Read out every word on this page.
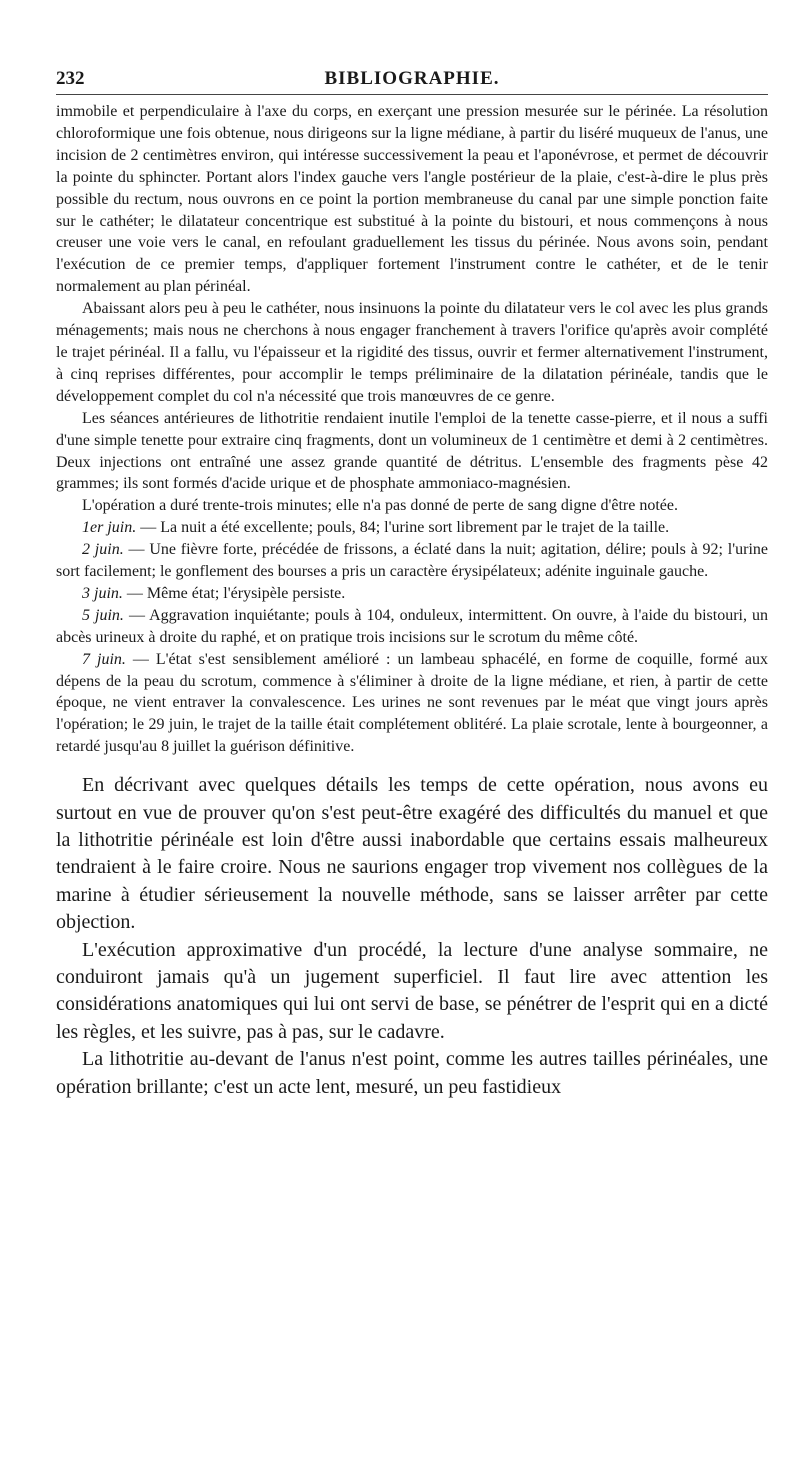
232	BIBLIOGRAPHIE.

immobile et perpendiculaire à l'axe du corps, en exerçant une pression mesurée sur le périnée. La résolution chloroformique une fois obtenue, nous dirigeons sur la ligne médiane, à partir du liséré muqueux de l'anus, une incision de 2 centimètres environ, qui intéresse successivement la peau et l'aponévrose, et permet de découvrir la pointe du sphincter. Portant alors l'index gauche vers l'angle postérieur de la plaie, c'est-à-dire le plus près possible du rectum, nous ouvrons en ce point la portion membraneuse du canal par une simple ponction faite sur le cathéter; le dilatateur concentrique est substitué à la pointe du bistouri, et nous commençons à nous creuser une voie vers le canal, en refoulant graduellement les tissus du périnée. Nous avons soin, pendant l'exécution de ce premier temps, d'appliquer fortement l'instrument contre le cathéter, et de le tenir normalement au plan périnéal.

Abaissant alors peu à peu le cathéter, nous insinuons la pointe du dilatateur vers le col avec les plus grands ménagements; mais nous ne cherchons à nous engager franchement à travers l'orifice qu'après avoir complété le trajet périnéal. Il a fallu, vu l'épaisseur et la rigidité des tissus, ouvrir et fermer alternativement l'instrument, à cinq reprises différentes, pour accomplir le temps préliminaire de la dilatation périnéale, tandis que le développement complet du col n'a nécessité que trois manœuvres de ce genre.

Les séances antérieures de lithotritie rendaient inutile l'emploi de la tenette casse-pierre, et il nous a suffi d'une simple tenette pour extraire cinq fragments, dont un volumineux de 1 centimètre et demi à 2 centimètres. Deux injections ont entraîné une assez grande quantité de détritus. L'ensemble des fragments pèse 42 grammes; ils sont formés d'acide urique et de phosphate ammoniaco-magnésien.

L'opération a duré trente-trois minutes; elle n'a pas donné de perte de sang digne d'être notée.

1er juin. — La nuit a été excellente; pouls, 84; l'urine sort librement par le trajet de la taille.

2 juin. — Une fièvre forte, précédée de frissons, a éclaté dans la nuit; agitation, délire; pouls à 92; l'urine sort facilement; le gonflement des bourses a pris un caractère érysipélateux; adénite inguinale gauche.

3 juin. — Même état; l'érysipèle persiste.

5 juin. — Aggravation inquiétante; pouls à 104, onduleux, intermittent. On ouvre, à l'aide du bistouri, un abcès urineux à droite du raphé, et on pratique trois incisions sur le scrotum du même côté.

7 juin. — L'état s'est sensiblement amélioré : un lambeau sphacélé, en forme de coquille, formé aux dépens de la peau du scrotum, commence à s'éliminer à droite de la ligne médiane, et rien, à partir de cette époque, ne vient entraver la convalescence. Les urines ne sont revenues par le méat que vingt jours après l'opération; le 29 juin, le trajet de la taille était complétement oblitéré. La plaie scrotale, lente à bourgeonner, a retardé jusqu'au 8 juillet la guérison définitive.

En décrivant avec quelques détails les temps de cette opération, nous avons eu surtout en vue de prouver qu'on s'est peut-être exagéré des difficultés du manuel et que la lithotritie périnéale est loin d'être aussi inabordable que certains essais malheureux tendraient à le faire croire. Nous ne saurions engager trop vivement nos collègues de la marine à étudier sérieusement la nouvelle méthode, sans se laisser arrêter par cette objection.

L'exécution approximative d'un procédé, la lecture d'une analyse sommaire, ne conduiront jamais qu'à un jugement superficiel. Il faut lire avec attention les considérations anatomiques qui lui ont servi de base, se pénétrer de l'esprit qui en a dicté les règles, et les suivre, pas à pas, sur le cadavre.

La lithotritie au-devant de l'anus n'est point, comme les autres tailles périnéales, une opération brillante; c'est un acte lent, mesuré, un peu fastidieux
